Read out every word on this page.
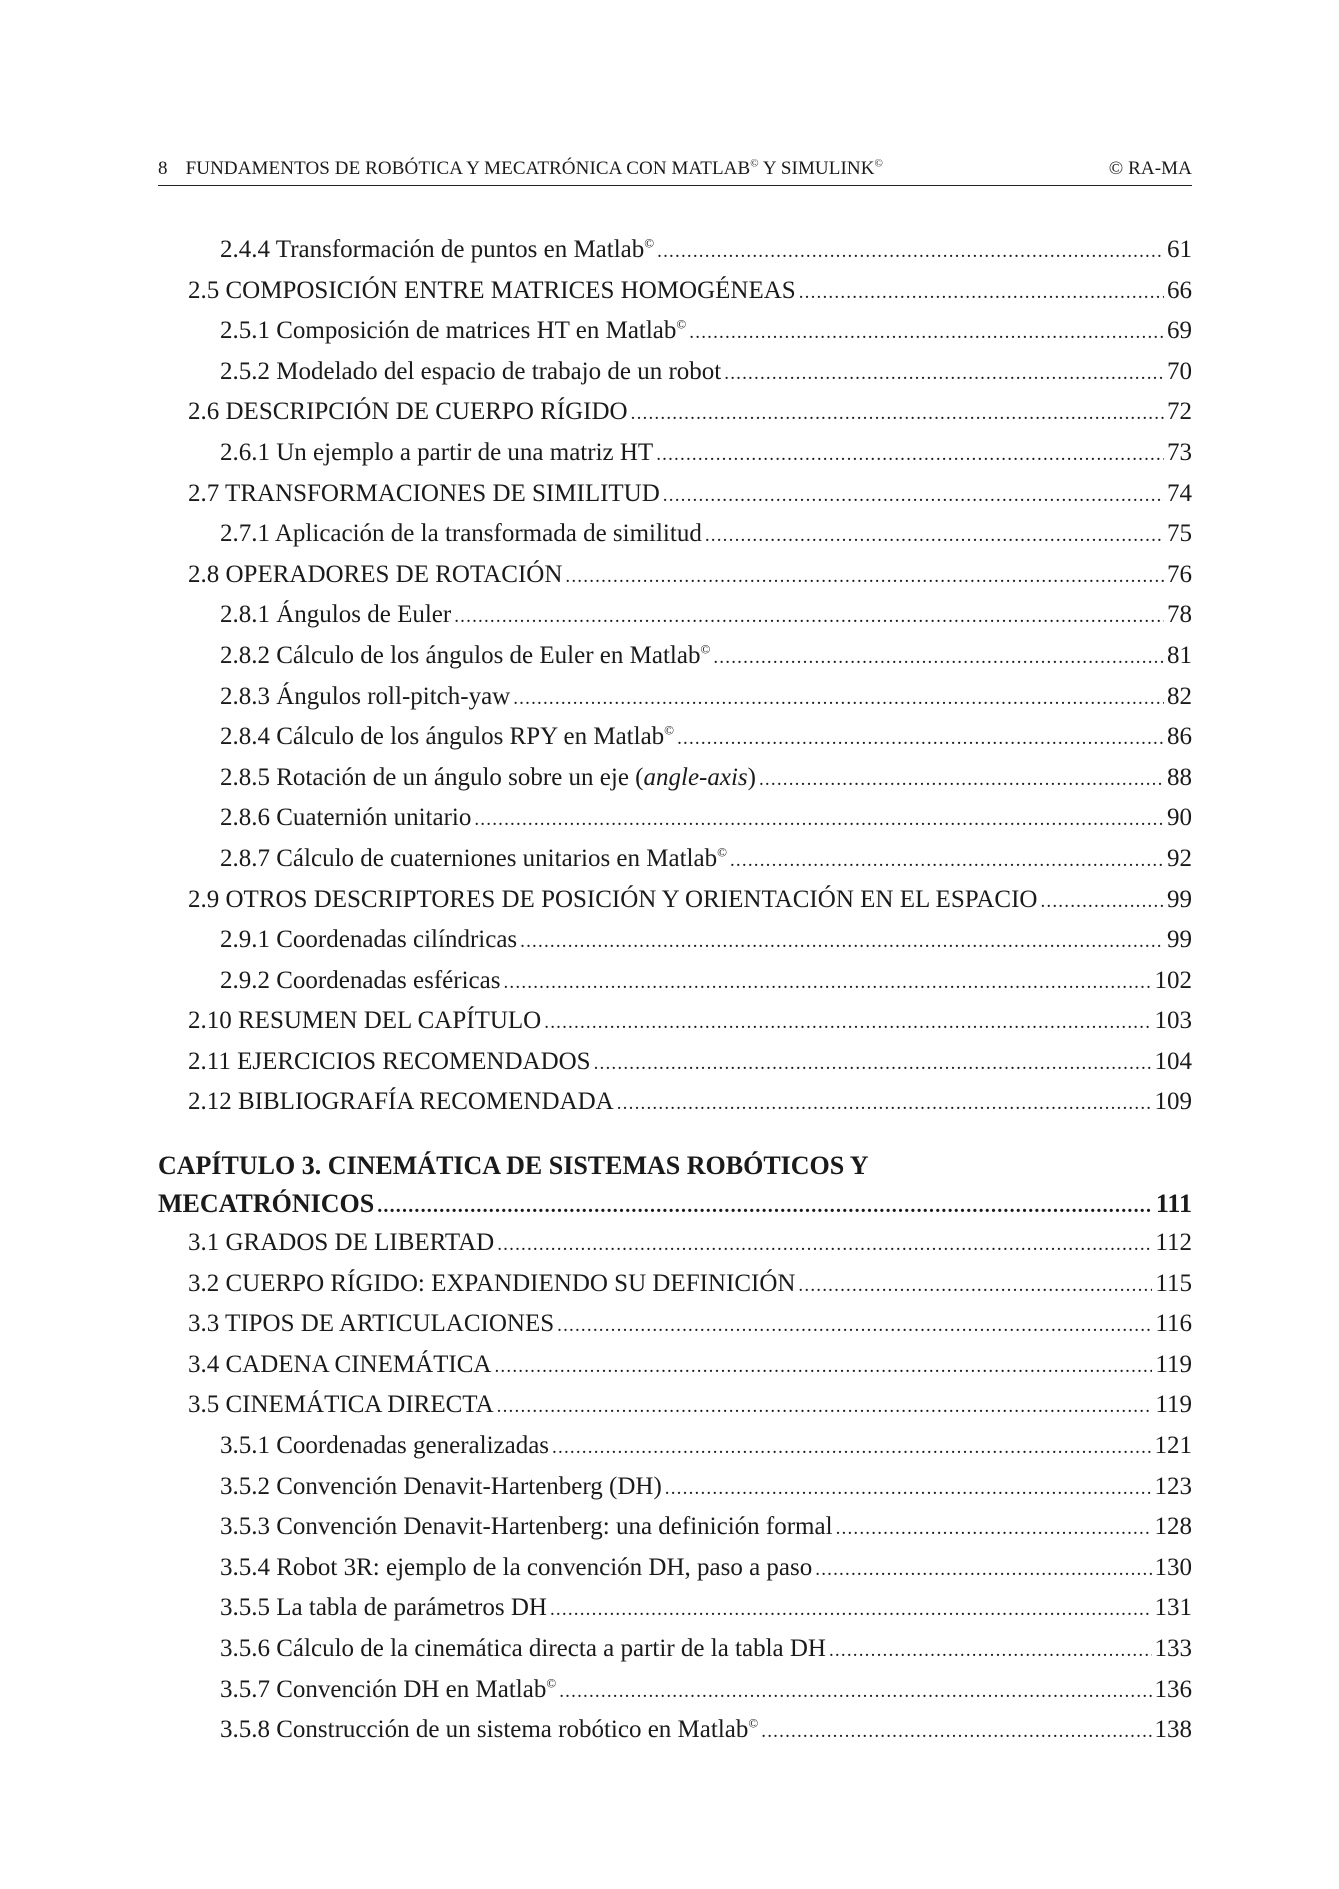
8 FUNDAMENTOS DE ROBÓTICA Y MECATRÓNICA CON MATLAB© Y SIMULINK©	© RA-MA
2.4.4 Transformación de puntos en Matlab© .....	61
2.5 COMPOSICIÓN ENTRE MATRICES HOMOGÉNEAS .....	66
2.5.1 Composición de matrices HT en Matlab© .....	69
2.5.2 Modelado del espacio de trabajo de un robot .....	70
2.6 DESCRIPCIÓN DE CUERPO RÍGIDO .....	72
2.6.1 Un ejemplo a partir de una matriz HT .....	73
2.7 TRANSFORMACIONES DE SIMILITUD .....	74
2.7.1 Aplicación de la transformada de similitud .....	75
2.8 OPERADORES DE ROTACIÓN .....	76
2.8.1 Ángulos de Euler .....	78
2.8.2 Cálculo de los ángulos de Euler en Matlab© .....	81
2.8.3 Ángulos roll-pitch-yaw .....	82
2.8.4 Cálculo de los ángulos RPY en Matlab© .....	86
2.8.5 Rotación de un ángulo sobre un eje (angle-axis) .....	88
2.8.6 Cuaternión unitario .....	90
2.8.7 Cálculo de cuaterniones unitarios en Matlab© .....	92
2.9 OTROS DESCRIPTORES DE POSICIÓN Y ORIENTACIÓN EN EL ESPACIO .....	99
2.9.1 Coordenadas cilíndricas .....	99
2.9.2 Coordenadas esféricas .....	102
2.10 RESUMEN DEL CAPÍTULO .....	103
2.11 EJERCICIOS RECOMENDADOS .....	104
2.12 BIBLIOGRAFÍA RECOMENDADA .....	109
CAPÍTULO 3. CINEMÁTICA DE SISTEMAS ROBÓTICOS Y
MECATRÓNICOS .....	111
3.1 GRADOS DE LIBERTAD .....	112
3.2 CUERPO RÍGIDO: EXPANDIENDO SU DEFINICIÓN .....	115
3.3 TIPOS DE ARTICULACIONES .....	116
3.4 CADENA CINEMÁTICA .....	119
3.5 CINEMÁTICA DIRECTA .....	119
3.5.1 Coordenadas generalizadas .....	121
3.5.2 Convención Denavit-Hartenberg (DH) .....	123
3.5.3 Convención Denavit-Hartenberg: una definición formal .....	128
3.5.4 Robot 3R: ejemplo de la convención DH, paso a paso .....	130
3.5.5 La tabla de parámetros DH .....	131
3.5.6 Cálculo de la cinemática directa a partir de la tabla DH .....	133
3.5.7 Convención DH en Matlab© .....	136
3.5.8 Construcción de un sistema robótico en Matlab© .....	138
